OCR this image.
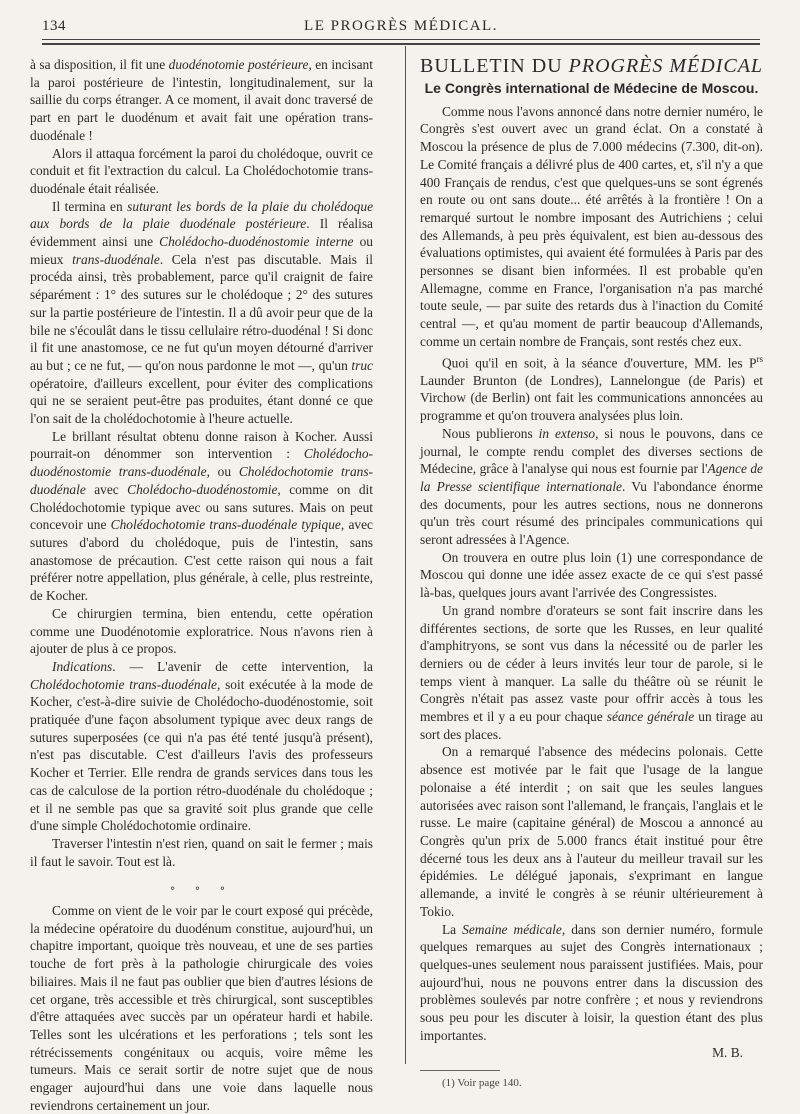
134	LE PROGRÈS MÉDICAL.

à sa disposition, il fit une duodénotomie postérieure, en incisant la paroi postérieure de l'intestin, longitudinalement, sur la saillie du corps étranger. A ce moment, il avait donc traversé de part en part le duodénum et avait fait une opération trans-duodénale !

Alors il attaqua forcément la paroi du cholédoque, ouvrit ce conduit et fit l'extraction du calcul. La Cholédochotomie trans-duodénale était réalisée.

Il termina en suturant les bords de la plaie du cholédoque aux bords de la plaie duodénale postérieure. Il réalisa évidemment ainsi une Cholédocho-duodénostomie interne ou mieux trans-duodénale. Cela n'est pas discutable. Mais il procéda ainsi, très probablement, parce qu'il craignit de faire séparément : 1° des sutures sur le cholédoque ; 2° des sutures sur la partie postérieure de l'intestin. Il a dû avoir peur que de la bile ne s'écoulât dans le tissu cellulaire rétro-duodénal ! Si donc il fit une anastomose, ce ne fut qu'un moyen détourné d'arriver au but ; ce ne fut, — qu'on nous pardonne le mot —, qu'un truc opératoire, d'ailleurs excellent, pour éviter des complications qui ne se seraient peut-être pas produites, étant donné ce que l'on sait de la cholédochotomie à l'heure actuelle.

Le brillant résultat obtenu donne raison à Kocher. Aussi pourrait-on dénommer son intervention : Cholédocho-duodénostomie trans-duodénale, ou Cholédochotomie trans-duodénale avec Cholédocho-duodénostomie, comme on dit Cholédochotomie typique avec ou sans sutures. Mais on peut concevoir une Cholédochotomie trans-duodénale typique, avec sutures d'abord du cholédoque, puis de l'intestin, sans anastomose de précaution. C'est cette raison qui nous a fait préférer notre appellation, plus générale, à celle, plus restreinte, de Kocher.

Ce chirurgien termina, bien entendu, cette opération comme une Duodénotomie exploratrice. Nous n'avons rien à ajouter de plus à ce propos.

Indications. — L'avenir de cette intervention, la Cholédochotomie trans-duodénale, soit exécutée à la mode de Kocher, c'est-à-dire suivie de Cholédocho-duodénostomie, soit pratiquée d'une façon absolument typique avec deux rangs de sutures superposées (ce qui n'a pas été tenté jusqu'à présent), n'est pas discutable. C'est d'ailleurs l'avis des professeurs Kocher et Terrier. Elle rendra de grands services dans tous les cas de calculose de la portion rétro-duodénale du cholédoque ; et il ne semble pas que sa gravité soit plus grande que celle d'une simple Cholédochotomie ordinaire.

Traverser l'intestin n'est rien, quand on sait le fermer ; mais il faut le savoir. Tout est là.

∘ ∘ ∘

Comme on vient de le voir par le court exposé qui précède, la médecine opératoire du duodénum constitue, aujourd'hui, un chapitre important, quoique très nouveau, et une de ses parties touche de fort près à la pathologie chirurgicale des voies biliaires. Mais il ne faut pas oublier que bien d'autres lésions de cet organe, très accessible et très chirurgical, sont susceptibles d'être attaquées avec succès par un opérateur hardi et habile. Telles sont les ulcérations et les perforations ; tels sont les rétrécissements congénitaux ou acquis, voire même les tumeurs. Mais ce serait sortir de notre sujet que de nous engager aujourd'hui dans une voie dans laquelle nous reviendrons certainement un jour.

BULLETIN DU PROGRÈS MÉDICAL
Le Congrès international de Médecine de Moscou.

Comme nous l'avons annoncé dans notre dernier numéro, le Congrès s'est ouvert avec un grand éclat. On a constaté à Moscou la présence de plus de 7.000 médecins (7.300, dit-on). Le Comité français a délivré plus de 400 cartes, et, s'il n'y a que 400 Français de rendus, c'est que quelques-uns se sont égrenés en route ou ont sans doute... été arrêtés à la frontière ! On a remarqué surtout le nombre imposant des Autrichiens ; celui des Allemands, à peu près équivalent, est bien au-dessous des évaluations optimistes, qui avaient été formulées à Paris par des personnes se disant bien informées. Il est probable qu'en Allemagne, comme en France, l'organisation n'a pas marché toute seule, — par suite des retards dus à l'inaction du Comité central —, et qu'au moment de partir beaucoup d'Allemands, comme un certain nombre de Français, sont restés chez eux.

Quoi qu'il en soit, à la séance d'ouverture, MM. les $P^{rs}$ Launder Brunton (de Londres), Lannelongue (de Paris) et Virchow (de Berlin) ont fait les communications annoncées au programme et qu'on trouvera analysées plus loin.

Nous publierons in extenso, si nous le pouvons, dans ce journal, le compte rendu complet des diverses sections de Médecine, grâce à l'analyse qui nous est fournie par l'Agence de la Presse scientifique internationale. Vu l'abondance énorme des documents, pour les autres sections, nous ne donnerons qu'un très court résumé des principales communications qui seront adressées à l'Agence.

On trouvera en outre plus loin (1) une correspondance de Moscou qui donne une idée assez exacte de ce qui s'est passé là-bas, quelques jours avant l'arrivée des Congressistes.

Un grand nombre d'orateurs se sont fait inscrire dans les différentes sections, de sorte que les Russes, en leur qualité d'amphitryons, se sont vus dans la nécessité ou de parler les derniers ou de céder à leurs invités leur tour de parole, si le temps vient à manquer. La salle du théâtre où se réunit le Congrès n'était pas assez vaste pour offrir accès à tous les membres et il y a eu pour chaque séance générale un tirage au sort des places.

On a remarqué l'absence des médecins polonais. Cette absence est motivée par le fait que l'usage de la langue polonaise a été interdit ; on sait que les seules langues autorisées avec raison sont l'allemand, le français, l'anglais et le russe. Le maire (capitaine général) de Moscou a annoncé au Congrès qu'un prix de 5.000 francs était institué pour être décerné tous les deux ans à l'auteur du meilleur travail sur les épidémies. Le délégué japonais, s'exprimant en langue allemande, a invité le congrès à se réunir ultérieurement à Tokio.

La Semaine médicale, dans son dernier numéro, formule quelques remarques au sujet des Congrès internationaux ; quelques-unes seulement nous paraissent justifiées. Mais, pour aujourd'hui, nous ne pouvons entrer dans la discussion des problèmes soulevés par notre confrère ; et nous y reviendrons sous peu pour les discuter à loisir, la question étant des plus importantes.

M. B.

(1) Voir page 140.
